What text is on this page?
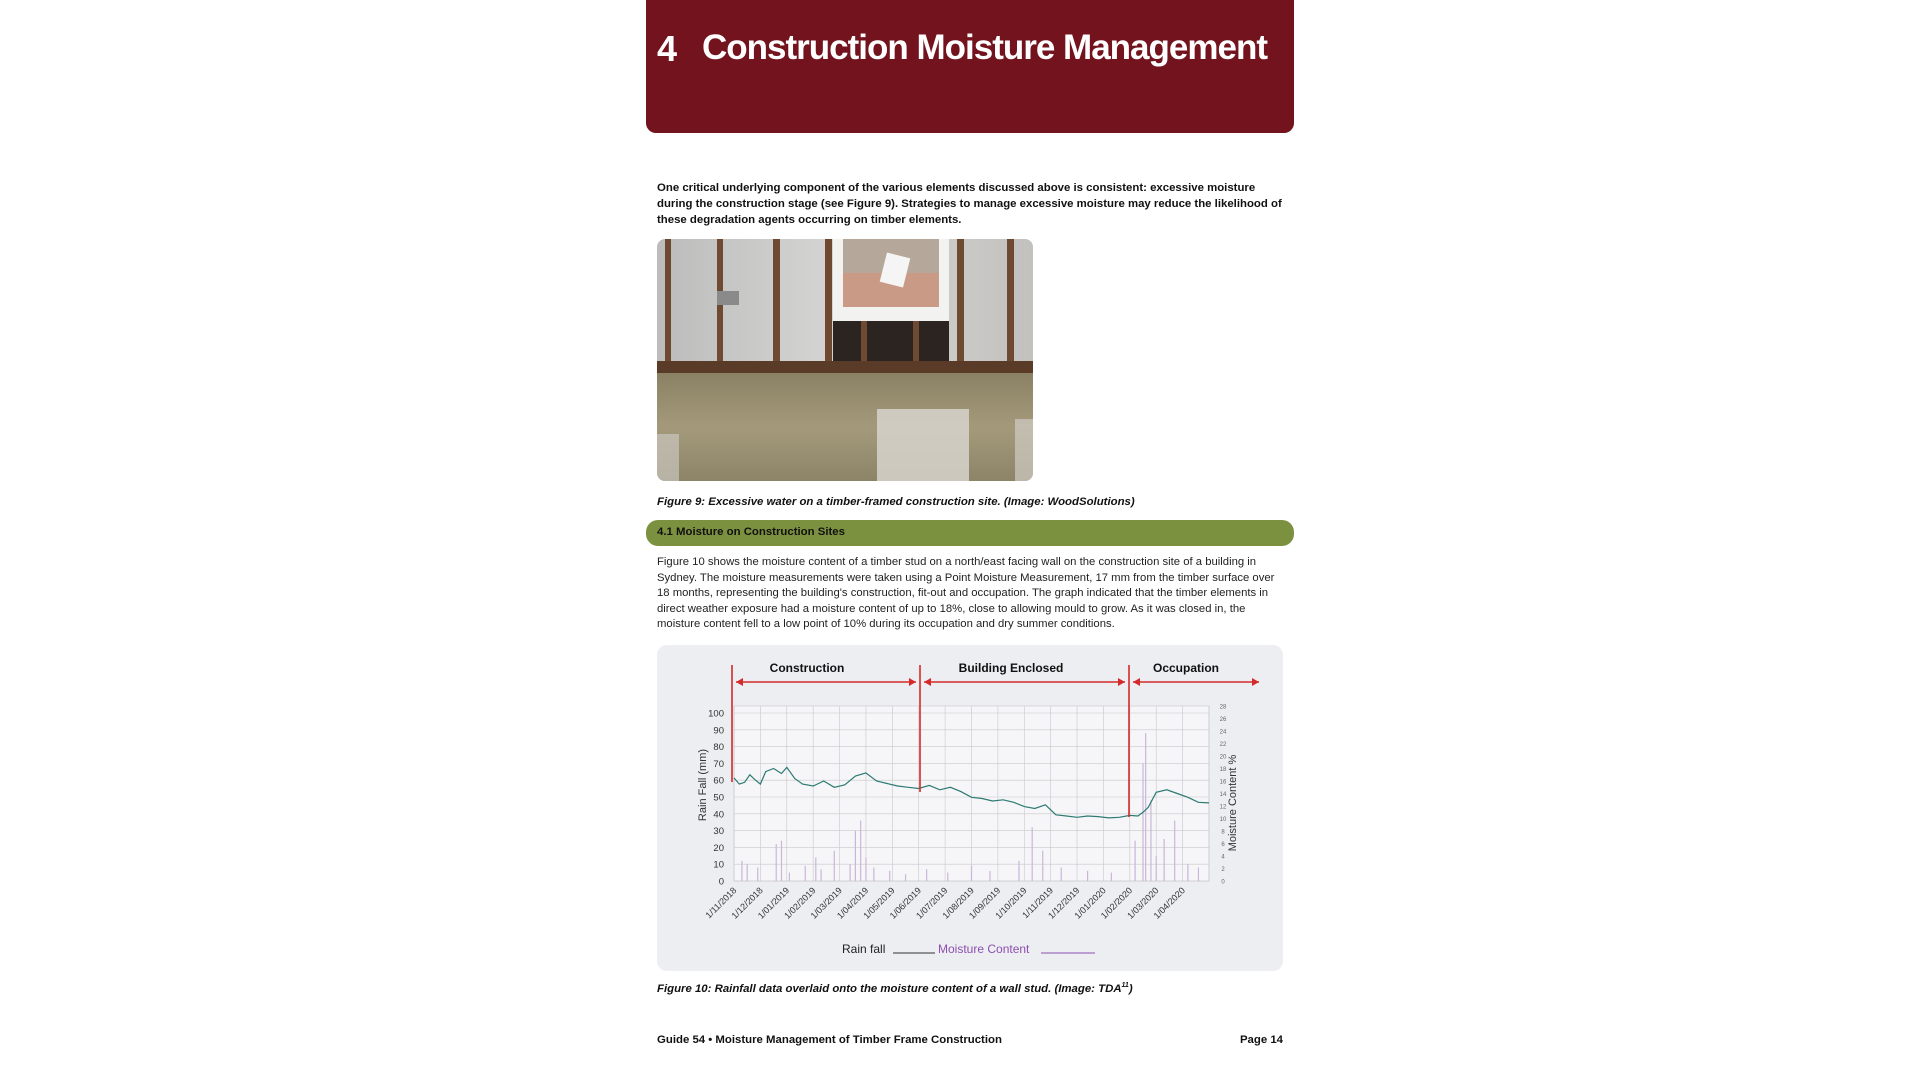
4 Construction Moisture Management
One critical underlying component of the various elements discussed above is consistent: excessive moisture during the construction stage (see Figure 9). Strategies to manage excessive moisture may reduce the likelihood of these degradation agents occurring on timber elements.
Figure 9: Excessive water on a timber-framed construction site. (Image: WoodSolutions)
4.1 Moisture on Construction Sites
Figure 10 shows the moisture content of a timber stud on a north/east facing wall on the construction site of a building in Sydney. The moisture measurements were taken using a Point Moisture Measurement, 17 mm from the timber surface over 18 months, representing the building's construction, fit-out and occupation. The graph indicated that the timber elements in direct weather exposure had a moisture content of up to 18%, close to allowing mould to grow. As it was closed in, the moisture content fell to a low point of 10% during its occupation and dry summer conditions.
Construction	Building Enclosed	Occupation
0
10
20
30
40
50
60
70
80
90
100
0
2
4
6
8
10
12
14
16
18
20
22
24
26
28
1/11/2018
1/12/2018
1/01/2019
1/02/2019
1/03/2019
1/04/2019
1/05/2019
1/06/2019
1/07/2019
1/08/2019
1/09/2019
1/10/2019
1/11/2019
1/12/2019
1/01/2020
1/02/2020
1/03/2020
1/04/2020
Rain Fall (mm)	Moisture Content %
Rain fall	Moisture Content
Figure 10: Rainfall data overlaid onto the moisture content of a wall stud. (Image: TDA$^{11}$)
Guide 54 • Moisture Management of Timber Frame Construction	Page 14
